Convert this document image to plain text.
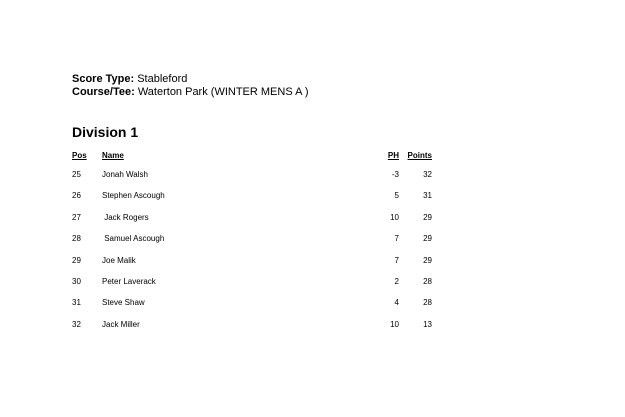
Score Type: Stableford
Course/Tee: Waterton Park (WINTER MENS A )
Division 1
Pos Name	PH Points
25	Jonah Walsh	-3	32
26	Stephen Ascough	5	31
27	Jack Rogers	10	29
28	Samuel Ascough	7	29
29	Joe Malik	7	29
30	Peter Laverack	2	28
31	Steve Shaw	4	28
32	Jack Miller	10	13
